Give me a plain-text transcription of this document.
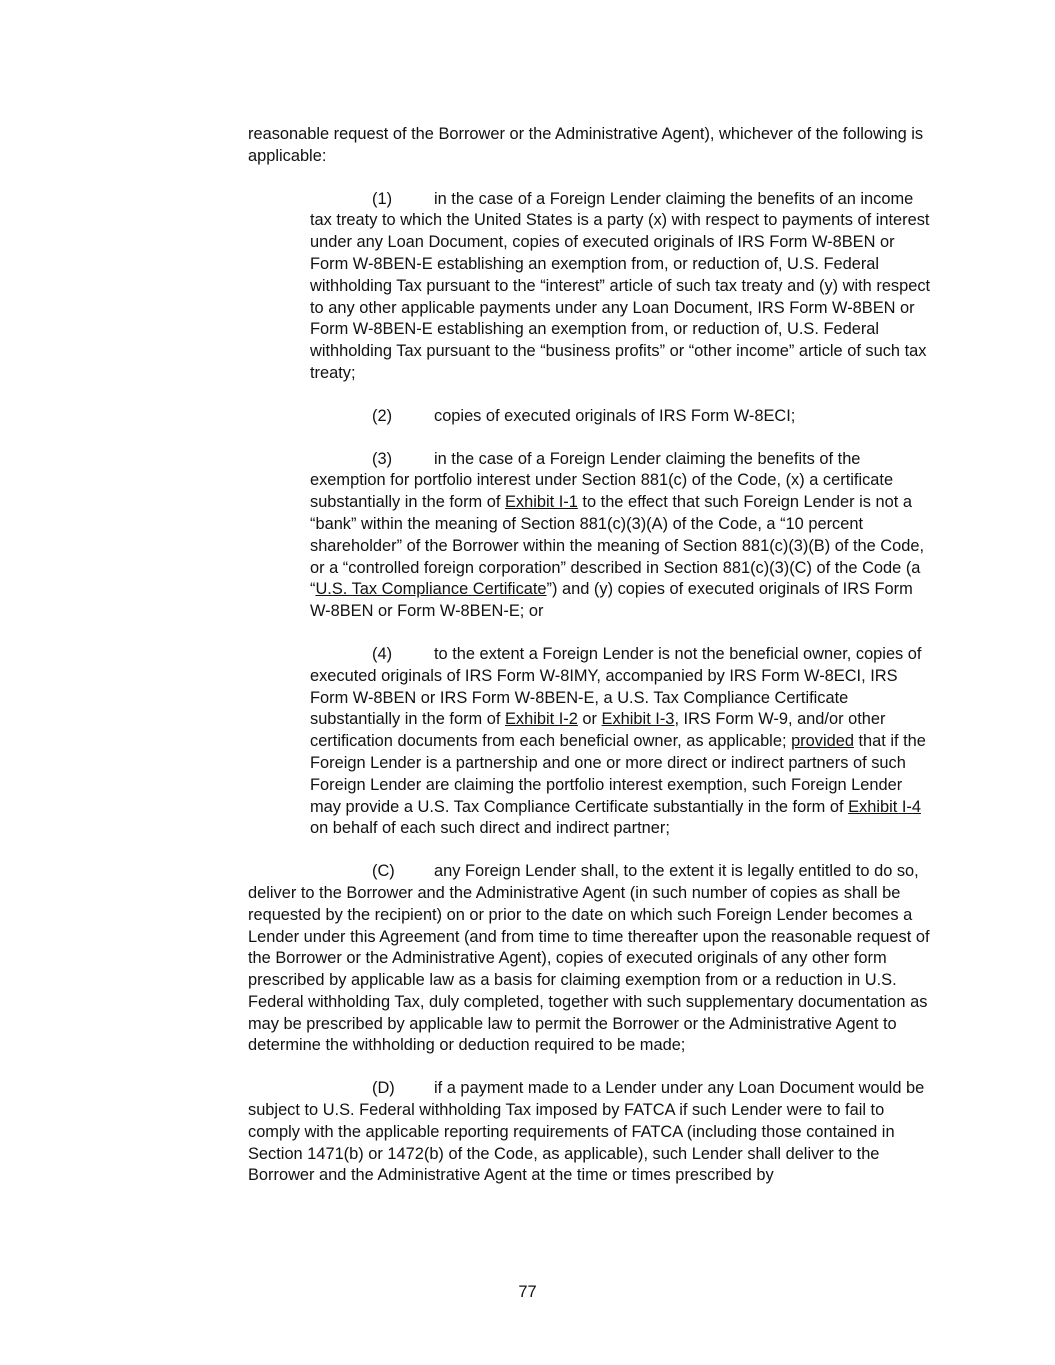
reasonable request of the Borrower or the Administrative Agent), whichever of the following is applicable:

(1)	in the case of a Foreign Lender claiming the benefits of an income tax treaty to which the United States is a party (x) with respect to payments of interest under any Loan Document, copies of executed originals of IRS Form W-8BEN or Form W-8BEN-E establishing an exemption from, or reduction of, U.S. Federal withholding Tax pursuant to the “interest” article of such tax treaty and (y) with respect to any other applicable payments under any Loan Document, IRS Form W-8BEN or Form W-8BEN-E establishing an exemption from, or reduction of, U.S. Federal withholding Tax pursuant to the “business profits” or “other income” article of such tax treaty;

(2)	copies of executed originals of IRS Form W-8ECI;

(3)	in the case of a Foreign Lender claiming the benefits of the exemption for portfolio interest under Section 881(c) of the Code, (x) a certificate substantially in the form of Exhibit I-1 to the effect that such Foreign Lender is not a “bank” within the meaning of Section 881(c)(3)(A) of the Code, a “10 percent shareholder” of the Borrower within the meaning of Section 881(c)(3)(B) of the Code, or a “controlled foreign corporation” described in Section 881(c)(3)(C) of the Code (a “U.S. Tax Compliance Certificate”) and (y) copies of executed originals of IRS Form W-8BEN or Form W-8BEN-E; or

(4)	to the extent a Foreign Lender is not the beneficial owner, copies of executed originals of IRS Form W-8IMY, accompanied by IRS Form W-8ECI, IRS Form W-8BEN or IRS Form W-8BEN-E, a U.S. Tax Compliance Certificate substantially in the form of Exhibit I-2 or Exhibit I-3, IRS Form W-9, and/or other certification documents from each beneficial owner, as applicable; provided that if the Foreign Lender is a partnership and one or more direct or indirect partners of such Foreign Lender are claiming the portfolio interest exemption, such Foreign Lender may provide a U.S. Tax Compliance Certificate substantially in the form of Exhibit I-4 on behalf of each such direct and indirect partner;

(C) any Foreign Lender shall, to the extent it is legally entitled to do so, deliver to the Borrower and the Administrative Agent (in such number of copies as shall be requested by the recipient) on or prior to the date on which such Foreign Lender becomes a Lender under this Agreement (and from time to time thereafter upon the reasonable request of the Borrower or the Administrative Agent), copies of executed originals of any other form prescribed by applicable law as a basis for claiming exemption from or a reduction in U.S. Federal withholding Tax, duly completed, together with such supplementary documentation as may be prescribed by applicable law to permit the Borrower or the Administrative Agent to determine the withholding or deduction required to be made;

(D) if a payment made to a Lender under any Loan Document would be subject to U.S. Federal withholding Tax imposed by FATCA if such Lender were to fail to comply with the applicable reporting requirements of FATCA (including those contained in Section 1471(b) or 1472(b) of the Code, as applicable), such Lender shall deliver to the Borrower and the Administrative Agent at the time or times prescribed by

77
